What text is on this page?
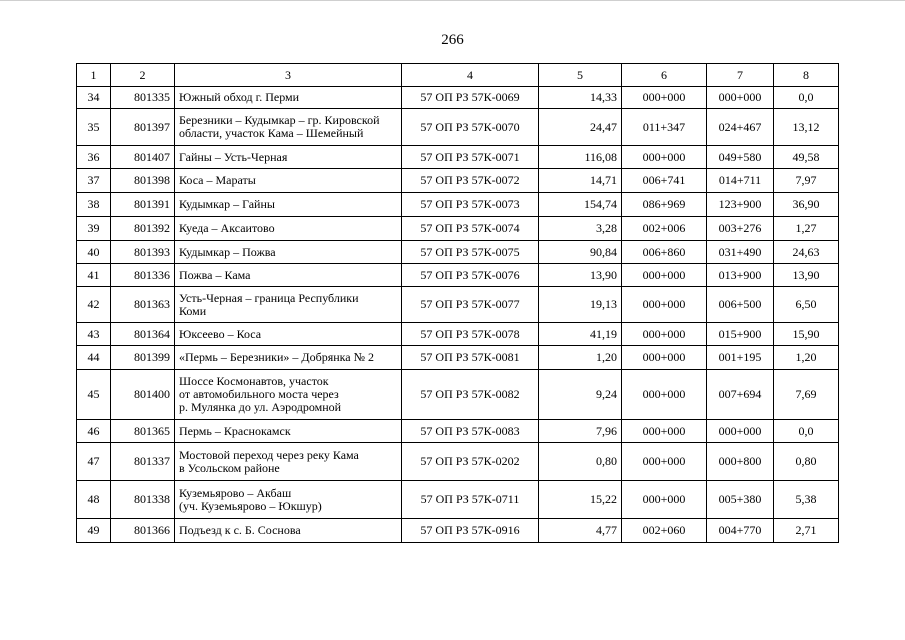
266
1	2	3	4	5	6	7	8
34	801335	Южный обход г. Перми	57 ОП РЗ 57К-0069	14,33	000+000	000+000	0,0
35	801397	Березники – Кудымкар – гр. Кировской
области, участок Кама – Шемейный	57 ОП РЗ 57К-0070	24,47	011+347	024+467	13,12
36	801407	Гайны – Усть-Черная	57 ОП РЗ 57К-0071	116,08	000+000	049+580	49,58
37	801398	Коса – Мараты	57 ОП РЗ 57К-0072	14,71	006+741	014+711	7,97
38	801391	Кудымкар – Гайны	57 ОП РЗ 57К-0073	154,74	086+969	123+900	36,90
39	801392	Куеда – Аксаитово	57 ОП РЗ 57К-0074	3,28	002+006	003+276	1,27
40	801393	Кудымкар – Пожва	57 ОП РЗ 57К-0075	90,84	006+860	031+490	24,63
41	801336	Пожва – Кама	57 ОП РЗ 57К-0076	13,90	000+000	013+900	13,90
42	801363	Усть-Черная – граница Республики
Коми	57 ОП РЗ 57К-0077	19,13	000+000	006+500	6,50
43	801364	Юксеево – Коса	57 ОП РЗ 57К-0078	41,19	000+000	015+900	15,90
44	801399	«Пермь – Березники» – Добрянка № 2	57 ОП РЗ 57К-0081	1,20	000+000	001+195	1,20
45	801400	Шоссе Космонавтов, участок
от автомобильного моста через
р. Мулянка до ул. Аэродромной	57 ОП РЗ 57К-0082	9,24	000+000	007+694	7,69
46	801365	Пермь – Краснокамск	57 ОП РЗ 57К-0083	7,96	000+000	000+000	0,0
47	801337	Мостовой переход через реку Кама
в Усольском районе	57 ОП РЗ 57К-0202	0,80	000+000	000+800	0,80
48	801338	Куземьярово – Акбаш
(уч. Куземьярово – Юкшур)	57 ОП РЗ 57К-0711	15,22	000+000	005+380	5,38
49	801366	Подъезд к с. Б. Соснова	57 ОП РЗ 57К-0916	4,77	002+060	004+770	2,71
